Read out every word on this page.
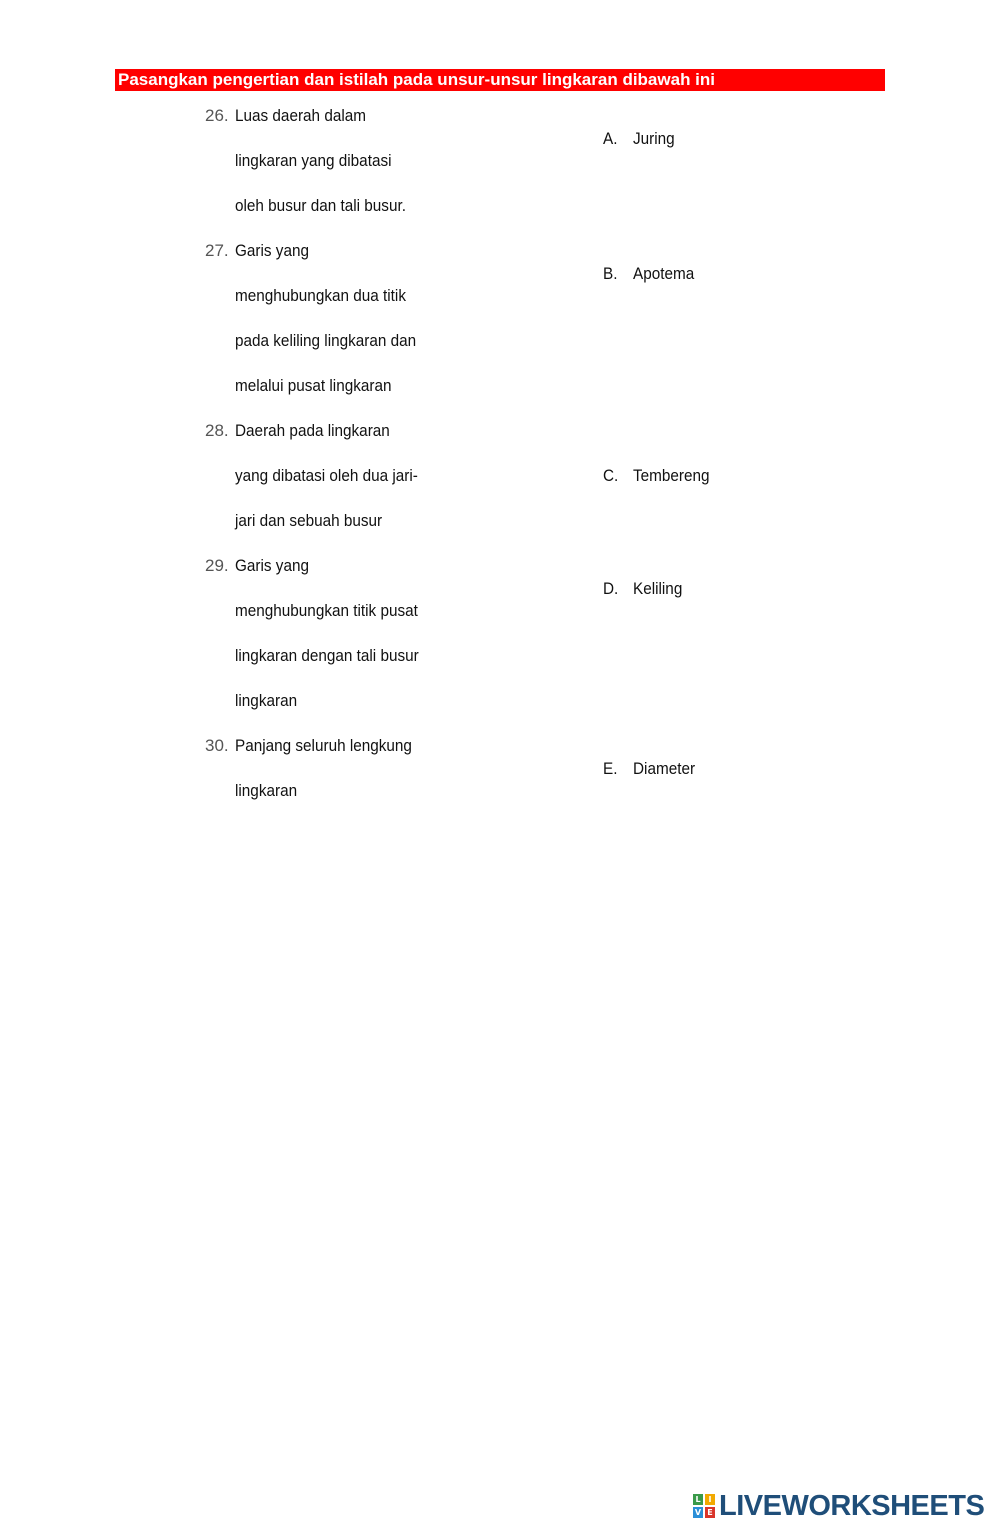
Pasangkan pengertian dan istilah pada unsur-unsur lingkaran dibawah ini
26. Luas daerah dalam
lingkaran yang dibatasi
oleh busur dan tali busur.
27. Garis yang
menghubungkan dua titik
pada keliling lingkaran dan
melalui pusat lingkaran
28. Daerah pada lingkaran
yang dibatasi oleh dua jari-
jari dan sebuah busur
29. Garis yang
menghubungkan titik pusat
lingkaran dengan tali busur
lingkaran
30. Panjang seluruh lengkung
lingkaran
A. Juring
B. Apotema
C. Tembereng
D. Keliling
E. Diameter
L I
V E LIVEWORKSHEETS
